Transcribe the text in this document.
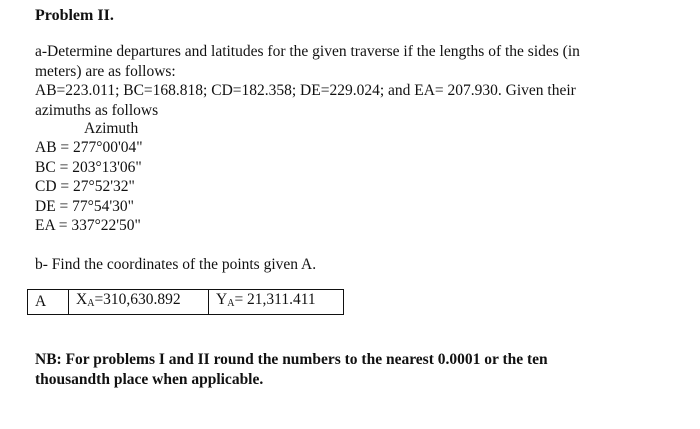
Problem II.
a-Determine departures and latitudes for the given traverse if the lengths of the sides (in
meters) are as follows:
AB=223.011; BC=168.818; CD=182.358; DE=229.024; and EA= 207.930. Given their
azimuths as follows
Azimuth
AB = 277°00'04"
BC = 203°13'06"
CD = 27°52'32"
DE = 77°54'30"
EA = 337°22'50"
b- Find the coordinates of the points given A.
A	$X_A=310,630.892$	$Y_A= 21,311.411$
NB: For problems I and II round the numbers to the nearest 0.0001 or the ten
thousandth place when applicable.
